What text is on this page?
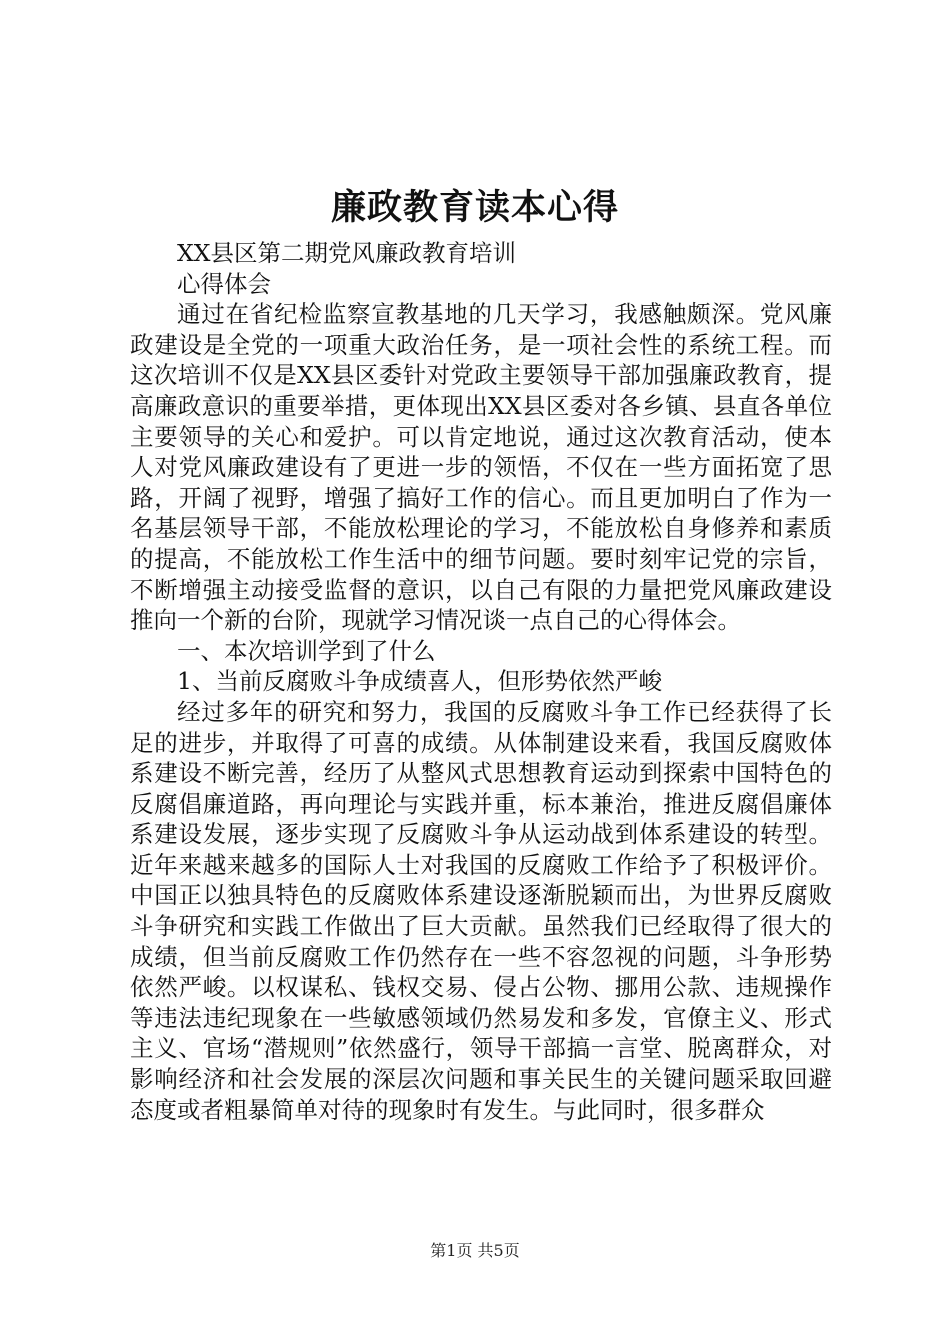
廉政教育读本心得

XX县区第二期党风廉政教育培训

心得体会

通过在省纪检监察宣教基地的几天学习，我感触颇深。党风廉政建设是全党的一项重大政治任务，是一项社会性的系统工程。而这次培训不仅是XX县区委针对党政主要领导干部加强廉政教育，提高廉政意识的重要举措，更体现出XX县区委对各乡镇、县直各单位主要领导的关心和爱护。可以肯定地说，通过这次教育活动，使本人对党风廉政建设有了更进一步的领悟，不仅在一些方面拓宽了思路，开阔了视野，增强了搞好工作的信心。而且更加明白了作为一名基层领导干部，不能放松理论的学习，不能放松自身修养和素质的提高，不能放松工作生活中的细节问题。要时刻牢记党的宗旨，不断增强主动接受监督的意识，以自己有限的力量把党风廉政建设推向一个新的台阶，现就学习情况谈一点自己的心得体会。

一、本次培训学到了什么

1、当前反腐败斗争成绩喜人，但形势依然严峻

经过多年的研究和努力，我国的反腐败斗争工作已经获得了长足的进步，并取得了可喜的成绩。从体制建设来看，我国反腐败体系建设不断完善，经历了从整风式思想教育运动到探索中国特色的反腐倡廉道路，再向理论与实践并重，标本兼治，推进反腐倡廉体系建设发展，逐步实现了反腐败斗争从运动战到体系建设的转型。近年来越来越多的国际人士对我国的反腐败工作给予了积极评价。中国正以独具特色的反腐败体系建设逐渐脱颖而出，为世界反腐败斗争研究和实践工作做出了巨大贡献。虽然我们已经取得了很大的成绩，但当前反腐败工作仍然存在一些不容忽视的问题，斗争形势依然严峻。以权谋私、钱权交易、侵占公物、挪用公款、违规操作等违法违纪现象在一些敏感领域仍然易发和多发，官僚主义、形式主义、官场“潜规则”依然盛行，领导干部搞一言堂、脱离群众，对影响经济和社会发展的深层次问题和事关民生的关键问题采取回避态度或者粗暴简单对待的现象时有发生。与此同时，很多群众

第1页 共5页
